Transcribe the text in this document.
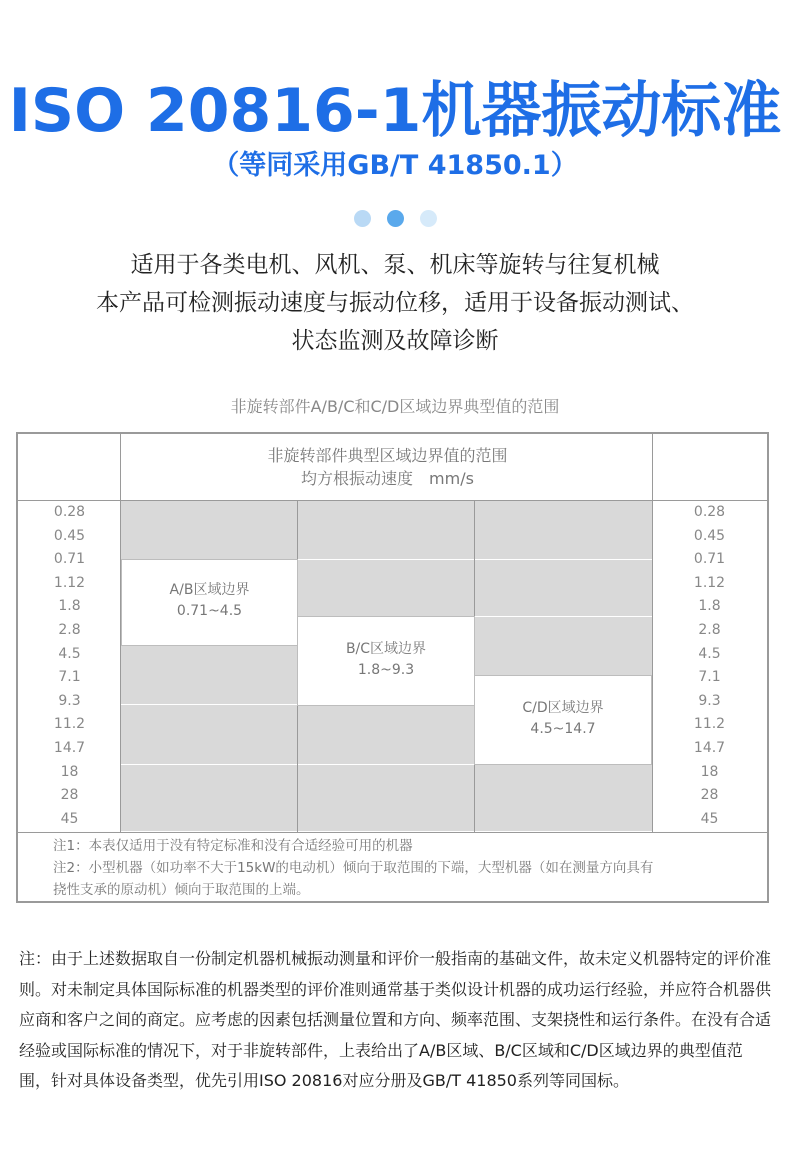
ISO 20816-1机器振动标准
（等同采用GB/T 41850.1）
适用于各类电机、风机、泵、机床等旋转与往复机械
本产品可检测振动速度与振动位移，适用于设备振动测试、
状态监测及故障诊断
非旋转部件A/B/C和C/D区域边界典型值的范围
非旋转部件典型区域边界值的范围
均方根振动速度　mm/s
0.28
0.45
0.71
1.12
1.8
2.8
4.5
7.1
9.3
11.2
14.7
18
28
45
0.28
0.45
0.71
1.12
1.8
2.8
4.5
7.1
9.3
11.2
14.7
18
28
45
A/B区域边界
0.71~4.5
B/C区域边界
1.8~9.3
C/D区域边界
4.5~14.7
注1：本表仅适用于没有特定标准和没有合适经验可用的机器
注2：小型机器（如功率不大于15kW的电动机）倾向于取范围的下端，大型机器（如在测量方向具有
挠性支承的原动机）倾向于取范围的上端。
注：由于上述数据取自一份制定机器机械振动测量和评价一般指南的基础文件，故未定义机器特定的评价准则。对未制定具体国际标准的机器类型的评价准则通常基于类似设计机器的成功运行经验，并应符合机器供应商和客户之间的商定。应考虑的因素包括测量位置和方向、频率范围、支架挠性和运行条件。在没有合适经验或国际标准的情况下，对于非旋转部件，上表给出了A/B区域、B/C区域和C/D区域边界的典型值范围，针对具体设备类型，优先引用ISO 20816对应分册及GB/T 41850系列等同国标。
